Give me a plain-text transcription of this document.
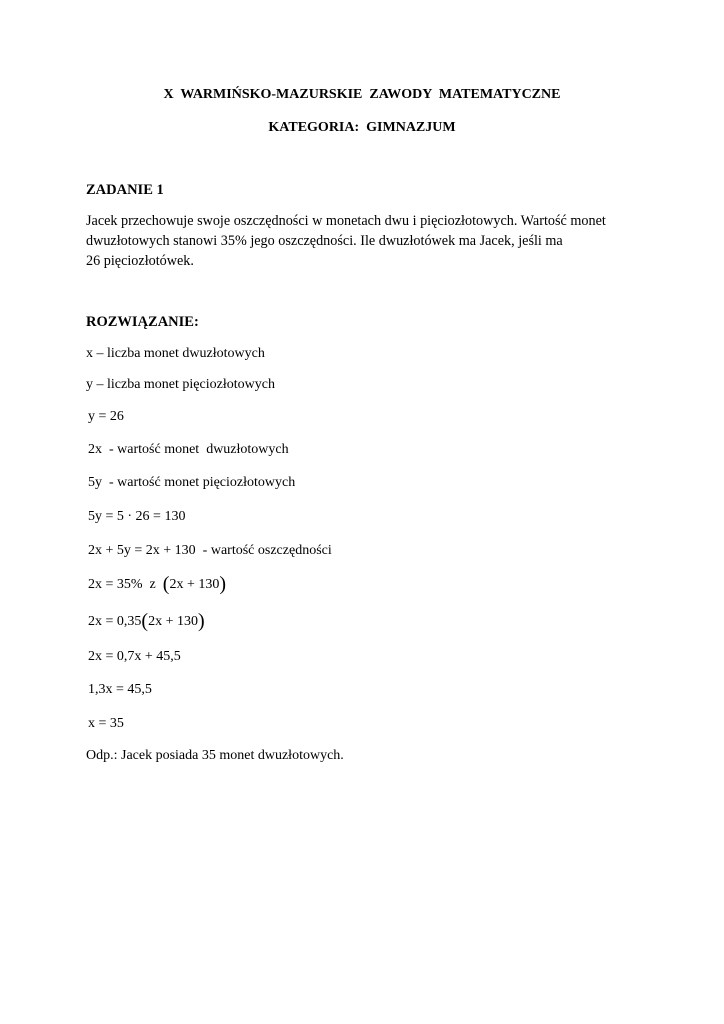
X  WARMIŃSKO-MAZURSKIE  ZAWODY  MATEMATYCZNE
KATEGORIA:  GIMNAZJUM
ZADANIE 1
Jacek przechowuje swoje oszczędności w monetach dwu i pięciozłotowych. Wartość monet
dwuzłotowych stanowi 35% jego oszczędności. Ile dwuzłotówek ma Jacek, jeśli ma
26 pięciozłotówek.
ROZWIĄZANIE:
x – liczba monet dwuzłotowych
y – liczba monet pięciozłotowych
y = 26
2x  - wartość monet  dwuzłotowych
5y  - wartość monet pięciozłotowych
5y = 5 · 26 = 130
2x + 5y = 2x + 130  - wartość oszczędności
2x = 35%  z  (2x + 130)
2x = 0,35(2x + 130)
2x = 0,7x + 45,5
1,3x = 45,5
x = 35
Odp.: Jacek posiada 35 monet dwuzłotowych.
